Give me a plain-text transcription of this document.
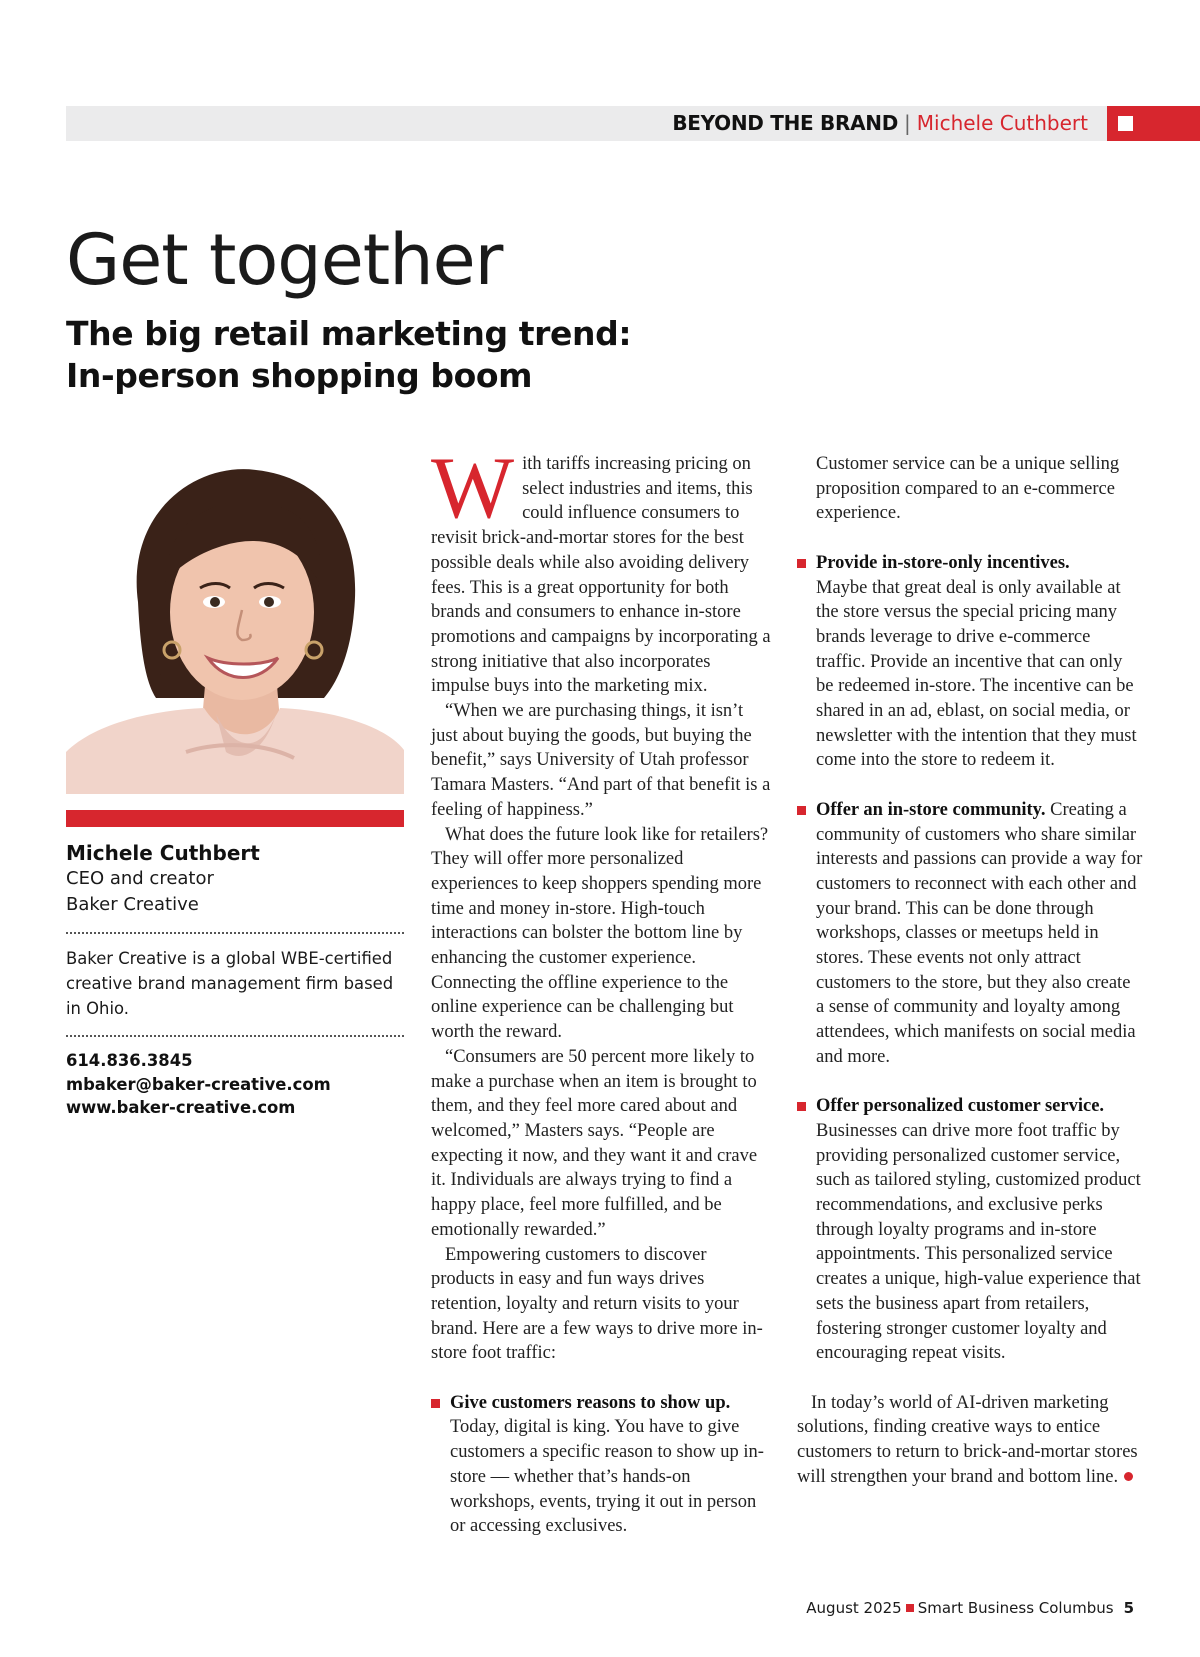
BEYOND THE BRAND | Michele Cuthbert
Get together
The big retail marketing trend:
In-person shopping boom
Michele Cuthbert
CEO and creator
Baker Creative
Baker Creative is a global WBE-certified creative brand management firm based in Ohio.
614.836.3845
mbaker@baker-creative.com
www.baker-creative.com

With tariffs increasing pricing on select industries and items, this could influence consumers to revisit brick-and-mortar stores for the best possible deals while also avoiding delivery fees. This is a great opportunity for both brands and consumers to enhance in-store promotions and campaigns by incorporating a strong initiative that also incorporates impulse buys into the marketing mix.

“When we are purchasing things, it isn’t just about buying the goods, but buying the benefit,” says University of Utah professor Tamara Masters. “And part of that benefit is a feeling of happiness.”

What does the future look like for retailers? They will offer more personalized experiences to keep shoppers spending more time and money in-store. High-touch interactions can bolster the bottom line by enhancing the customer experience. Connecting the offline experience to the online experience can be challenging but worth the reward.

“Consumers are 50 percent more likely to make a purchase when an item is brought to them, and they feel more cared about and welcomed,” Masters says. “People are expecting it now, and they want it and crave it. Individuals are always trying to find a happy place, feel more fulfilled, and be emotionally rewarded.”

Empowering customers to discover products in easy and fun ways drives retention, loyalty and return visits to your brand. Here are a few ways to drive more in-store foot traffic:

Give customers reasons to show up.
Today, digital is king. You have to give customers a specific reason to show up in-store — whether that’s hands-on workshops, events, trying it out in person or accessing exclusives.

Customer service can be a unique selling proposition compared to an e-commerce experience.

Provide in-store-only incentives.
Maybe that great deal is only available at the store versus the special pricing many brands leverage to drive e-commerce traffic. Provide an incentive that can only be redeemed in-store. The incentive can be shared in an ad, eblast, on social media, or newsletter with the intention that they must come into the store to redeem it.

Offer an in-store community. Creating a community of customers who share similar interests and passions can provide a way for customers to reconnect with each other and your brand. This can be done through workshops, classes or meetups held in stores. These events not only attract customers to the store, but they also create a sense of community and loyalty among attendees, which manifests on social media and more.

Offer personalized customer service.
Businesses can drive more foot traffic by providing personalized customer service, such as tailored styling, customized product recommendations, and exclusive perks through loyalty programs and in-store appointments. This personalized service creates a unique, high-value experience that sets the business apart from retailers, fostering stronger customer loyalty and encouraging repeat visits.

In today’s world of AI-driven marketing solutions, finding creative ways to entice customers to return to brick-and-mortar stores will strengthen your brand and bottom line.

August 2025 Smart Business Columbus 5
